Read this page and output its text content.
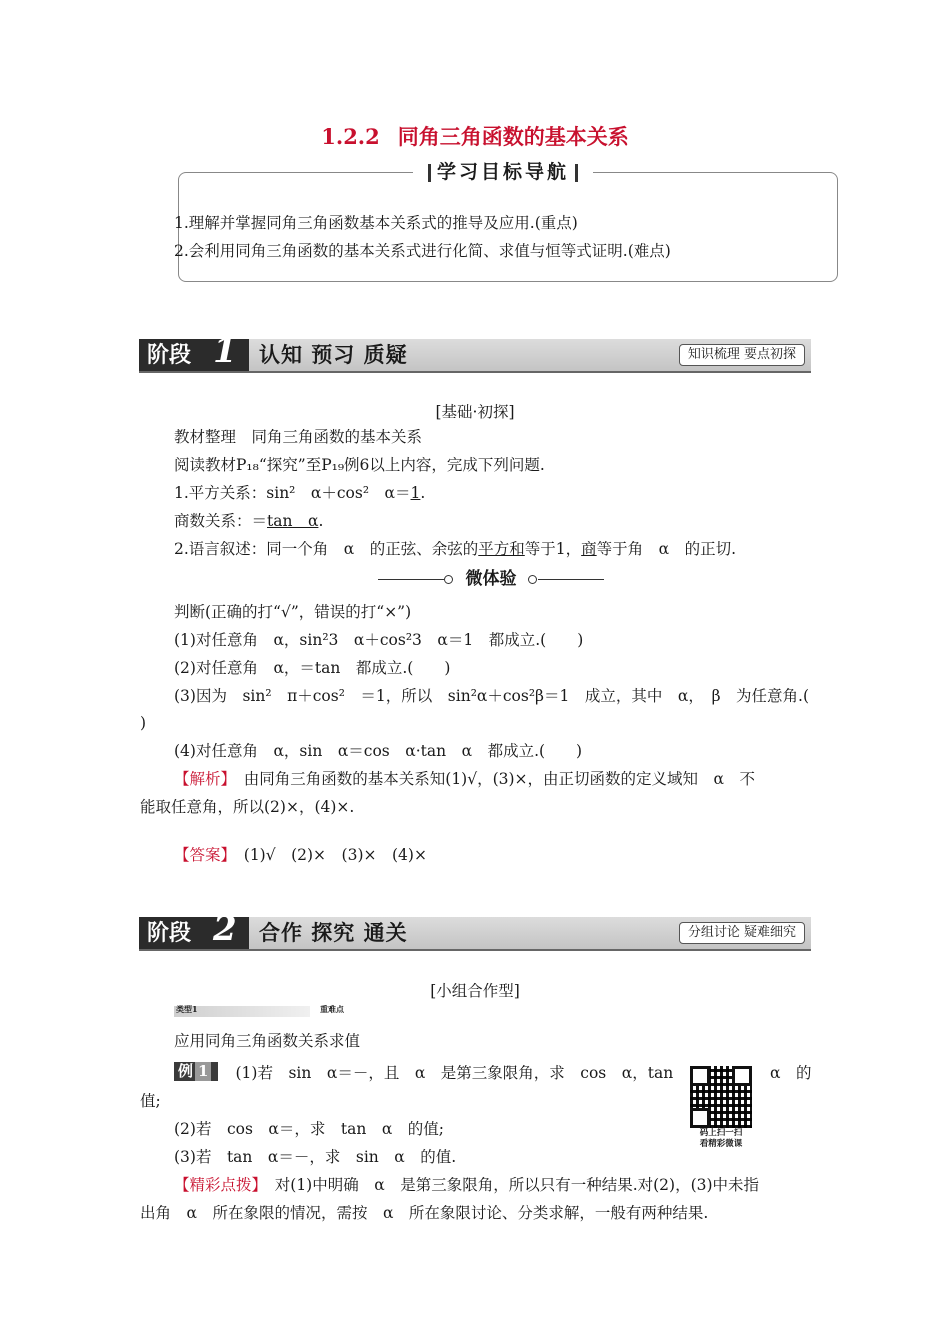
1.2.2 同角三角函数的基本关系
学习目标导航
1.理解并掌握同角三角函数基本关系式的推导及应用.(重点)
2.会利用同角三角函数的基本关系式进行化简、求值与恒等式证明.(难点)
阶段 1 认知 预习 质疑	知识梳理 要点初探
[基础·初探]
教材整理　同角三角函数的基本关系
阅读教材P₁₈“探究”至P₁₉例6以上内容，完成下列问题.
1.平方关系：sin²　α＋cos²　α＝1.
商数关系：＝tan　α.
2.语言叙述：同一个角　α　的正弦、余弦的平方和等于1，商等于角　α　的正切.
微体验
判断(正确的打“√”，错误的打“×”)
(1)对任意角　α，sin²3　α＋cos²3　α＝1　都成立.(　　)
(2)对任意角　α，＝tan　都成立.(　　)
(3)因为　sin²　π＋cos²　＝1，所以　sin²α＋cos²β＝1　成立，其中　α，　β　为任意角.(
)
(4)对任意角　α，sin　α＝cos　α·tan　α　都成立.(　　)
【解析】　由同角三角函数的基本关系知(1)√，(3)×，由正切函数的定义域知　α　不
能取任意角，所以(2)×，(4)×.
【答案】　(1)√　(2)×　(3)×　(4)×
阶段 2 合作 探究 通关	分组讨论 疑难细究
[小组合作型]
类型1	重难点
应用同角三角函数关系求值
例 1 　(1)若　sin　α＝－，且　α　是第三象限角，求　cos　α，tan	α　的
值;
(2)若　cos　α＝，求　tan　α　的值;
(3)若　tan　α＝－，求　sin　α　的值.
码上扫一扫
看精彩微课
【精彩点拨】　对(1)中明确　α　是第三象限角，所以只有一种结果.对(2)，(3)中未指
出角　α　所在象限的情况，需按　α　所在象限讨论、分类求解，一般有两种结果.
